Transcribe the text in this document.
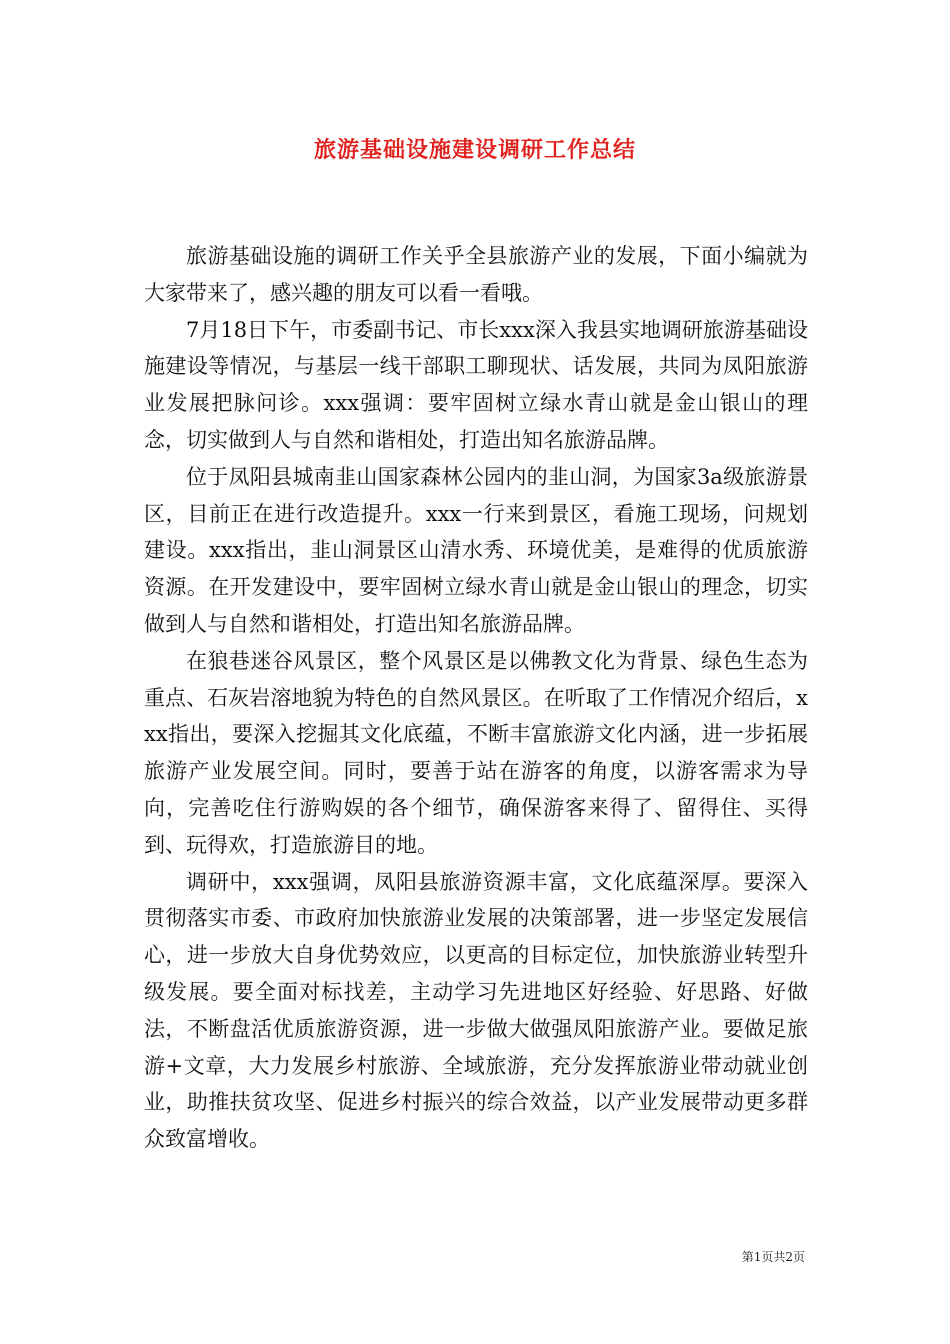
旅游基础设施建设调研工作总结

旅游基础设施的调研工作关乎全县旅游产业的发展，下面小编就为大家带来了，感兴趣的朋友可以看一看哦。

7月18日下午，市委副书记、市长xxx深入我县实地调研旅游基础设施建设等情况，与基层一线干部职工聊现状、话发展，共同为凤阳旅游业发展把脉问诊。xxx强调：要牢固树立绿水青山就是金山银山的理念，切实做到人与自然和谐相处，打造出知名旅游品牌。

位于凤阳县城南韭山国家森林公园内的韭山洞，为国家3a级旅游景区，目前正在进行改造提升。xxx一行来到景区，看施工现场，问规划建设。xxx指出，韭山洞景区山清水秀、环境优美，是难得的优质旅游资源。在开发建设中，要牢固树立绿水青山就是金山银山的理念，切实做到人与自然和谐相处，打造出知名旅游品牌。

在狼巷迷谷风景区，整个风景区是以佛教文化为背景、绿色生态为重点、石灰岩溶地貌为特色的自然风景区。在听取了工作情况介绍后，xxx指出，要深入挖掘其文化底蕴，不断丰富旅游文化内涵，进一步拓展旅游产业发展空间。同时，要善于站在游客的角度，以游客需求为导向，完善吃住行游购娱的各个细节，确保游客来得了、留得住、买得到、玩得欢，打造旅游目的地。

调研中，xxx强调，凤阳县旅游资源丰富，文化底蕴深厚。要深入贯彻落实市委、市政府加快旅游业发展的决策部署，进一步坚定发展信心，进一步放大自身优势效应，以更高的目标定位，加快旅游业转型升级发展。要全面对标找差，主动学习先进地区好经验、好思路、好做法，不断盘活优质旅游资源，进一步做大做强凤阳旅游产业。要做足旅游+文章，大力发展乡村旅游、全域旅游，充分发挥旅游业带动就业创业，助推扶贫攻坚、促进乡村振兴的综合效益，以产业发展带动更多群众致富增收。

第1页共2页
